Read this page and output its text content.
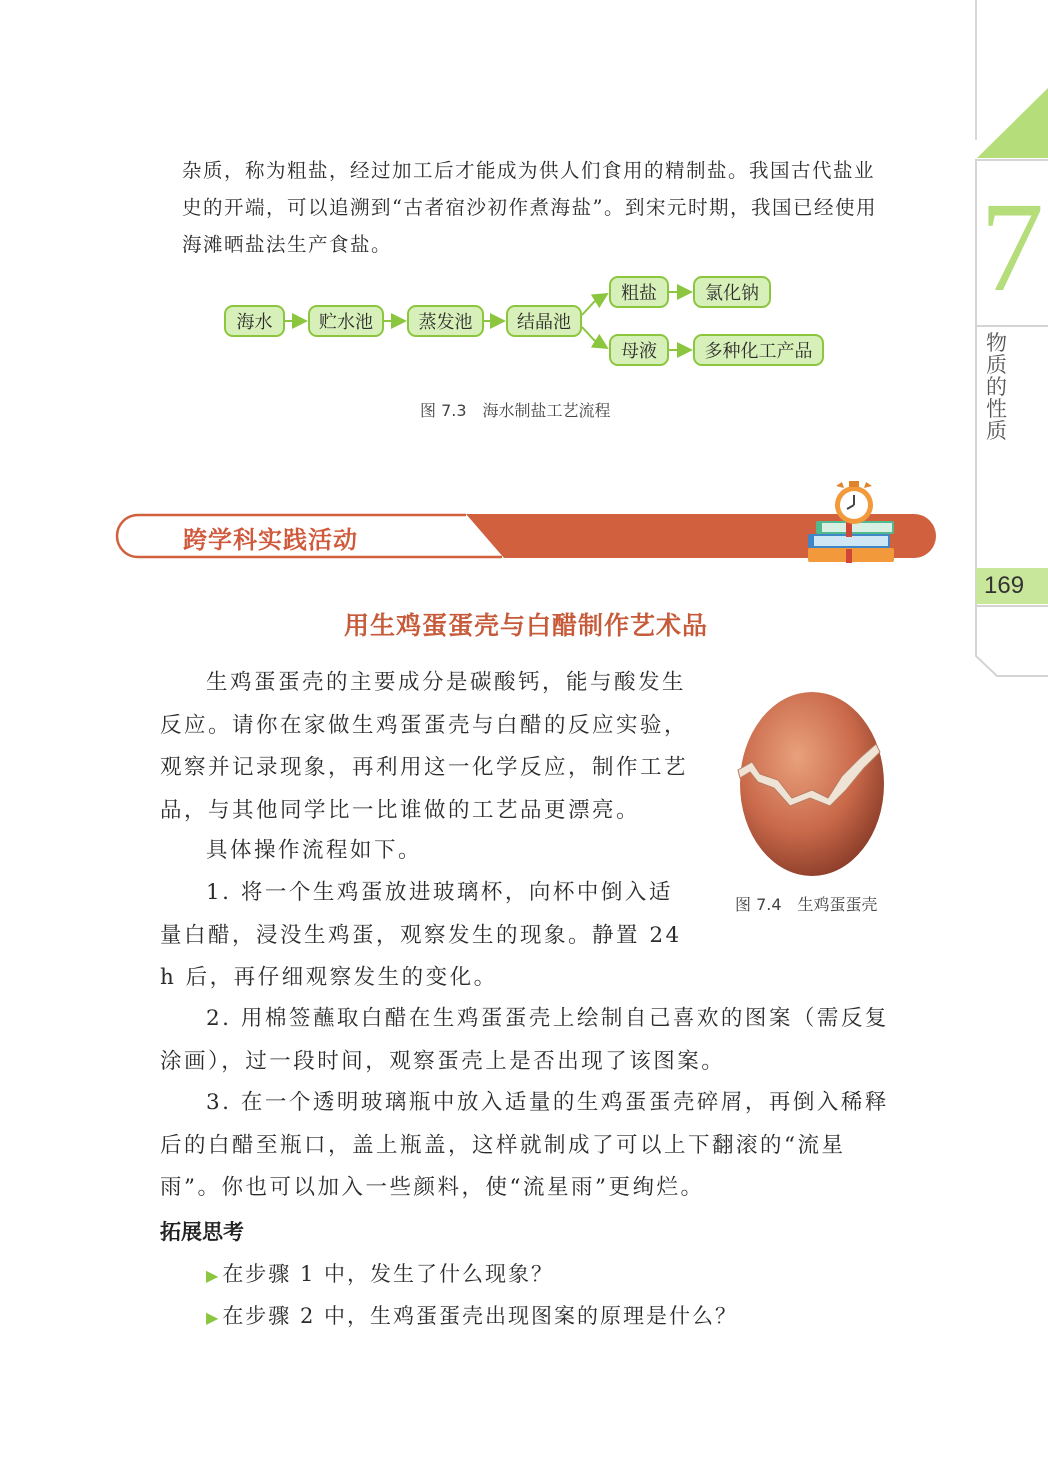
7
物质的性质
169

杂质，称为粗盐，经过加工后才能成为供人们食用的精制盐。我国古代盐业史的开端，可以追溯到“古者宿沙初作煮海盐”。到宋元时期，我国已经使用海滩晒盐法生产食盐。

海水	贮水池	蒸发池	结晶池
粗盐	氯化钠
母液	多种化工产品
图 7.3　海水制盐工艺流程
跨学科实践活动
用生鸡蛋蛋壳与白醋制作艺术品

生鸡蛋蛋壳的主要成分是碳酸钙，能与酸发生反应。请你在家做生鸡蛋蛋壳与白醋的反应实验，观察并记录现象，再利用这一化学反应，制作工艺品，与其他同学比一比谁做的工艺品更漂亮。

具体操作流程如下。

1. 将一个生鸡蛋放进玻璃杯，向杯中倒入适量白醋，浸没生鸡蛋，观察发生的现象。静置 24 h 后，再仔细观察发生的变化。

2. 用棉签蘸取白醋在生鸡蛋蛋壳上绘制自己喜欢的图案（需反复涂画），过一段时间，观察蛋壳上是否出现了该图案。

3. 在一个透明玻璃瓶中放入适量的生鸡蛋蛋壳碎屑，再倒入稀释后的白醋至瓶口，盖上瓶盖，这样就制成了可以上下翻滚的“流星雨”。你也可以加入一些颜料，使“流星雨”更绚烂。

图 7.4　生鸡蛋蛋壳
拓展思考
▶ 在步骤 1 中，发生了什么现象？
▶ 在步骤 2 中，生鸡蛋蛋壳出现图案的原理是什么？
